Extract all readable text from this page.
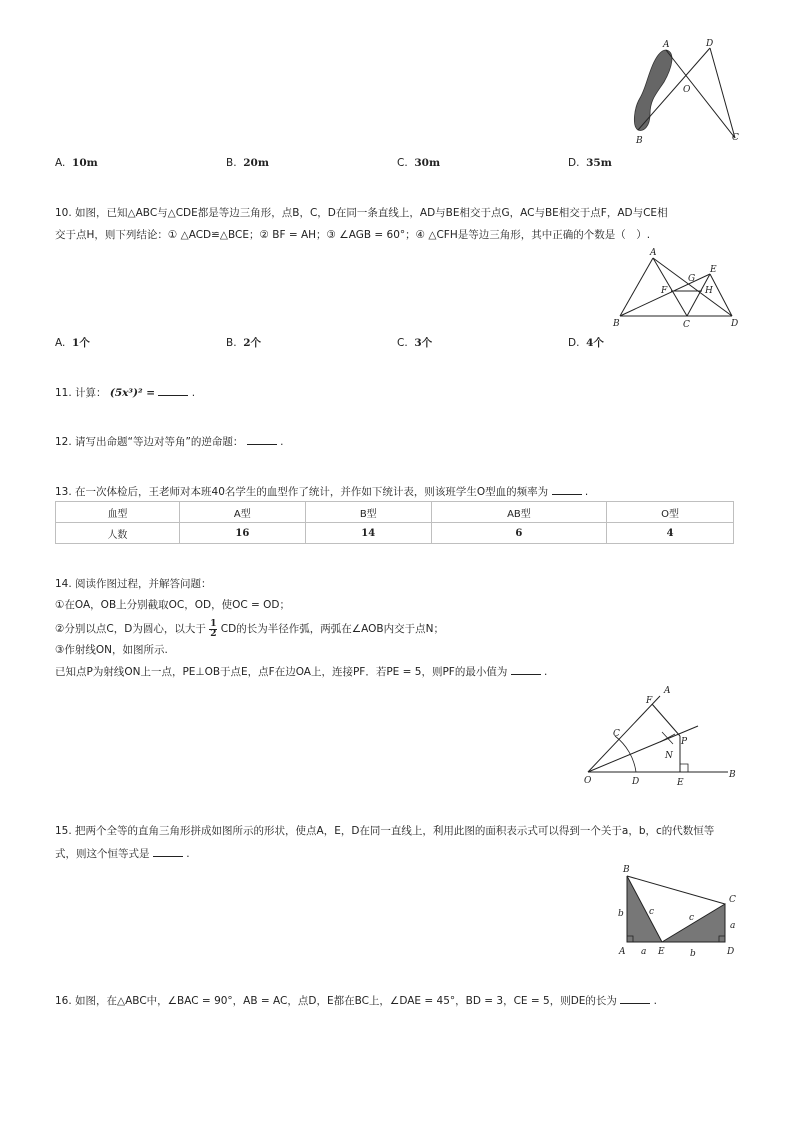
A	D
O
B	C
A. 10m	B. 20m	C. 30m	D. 35m
10. 如图，已知△ABC与△CDE都是等边三角形，点B，C，D在同一条直线上，AD与BE相交于点G，AC与BE相交于点F，AD与CE相
交于点H，则下列结论：① △ACD≌△BCE；② BF = AH；③ ∠AGB = 60°；④ △CFH是等边三角形，其中正确的个数是（　）.
A
G
E
F	H
B	C	D
A. 1个	B. 2个	C. 3个	D. 4个
11. 计算： (5x³)² =	.
12. 请写出命题“等边对等角”的逆命题：	.
13. 在一次体检后，王老师对本班40名学生的血型作了统计，并作如下统计表，则该班学生O型血的频率为	.
血型	A型	B型	AB型	O型
人数	16	14	6	4
14. 阅读作图过程，并解答问题：
①在OA，OB上分别截取OC，OD，使OC = OD；
②分别以点C，D为圆心，以大于 $\frac{1}{2}$ CD的长为半径作弧，两弧在∠AOB内交于点N；
③作射线ON，如图所示.
已知点P为射线ON上一点，PE⊥OB于点E，点F在边OA上，连接PF．若PE = 5，则PF的最小值为	.
F
A
C
P
N
O	D	E
B
15. 把两个全等的直角三角形拼成如图所示的形状，使点A，E，D在同一直线上，利用此图的面积表示式可以得到一个关于a，b，c的代数恒等
式，则这个恒等式是	.
B
C
b	c
c
a
A a E	b	D
16. 如图，在△ABC中，∠BAC = 90°，AB = AC，点D，E都在BC上，∠DAE = 45°，BD = 3，CE = 5，则DE的长为	.
